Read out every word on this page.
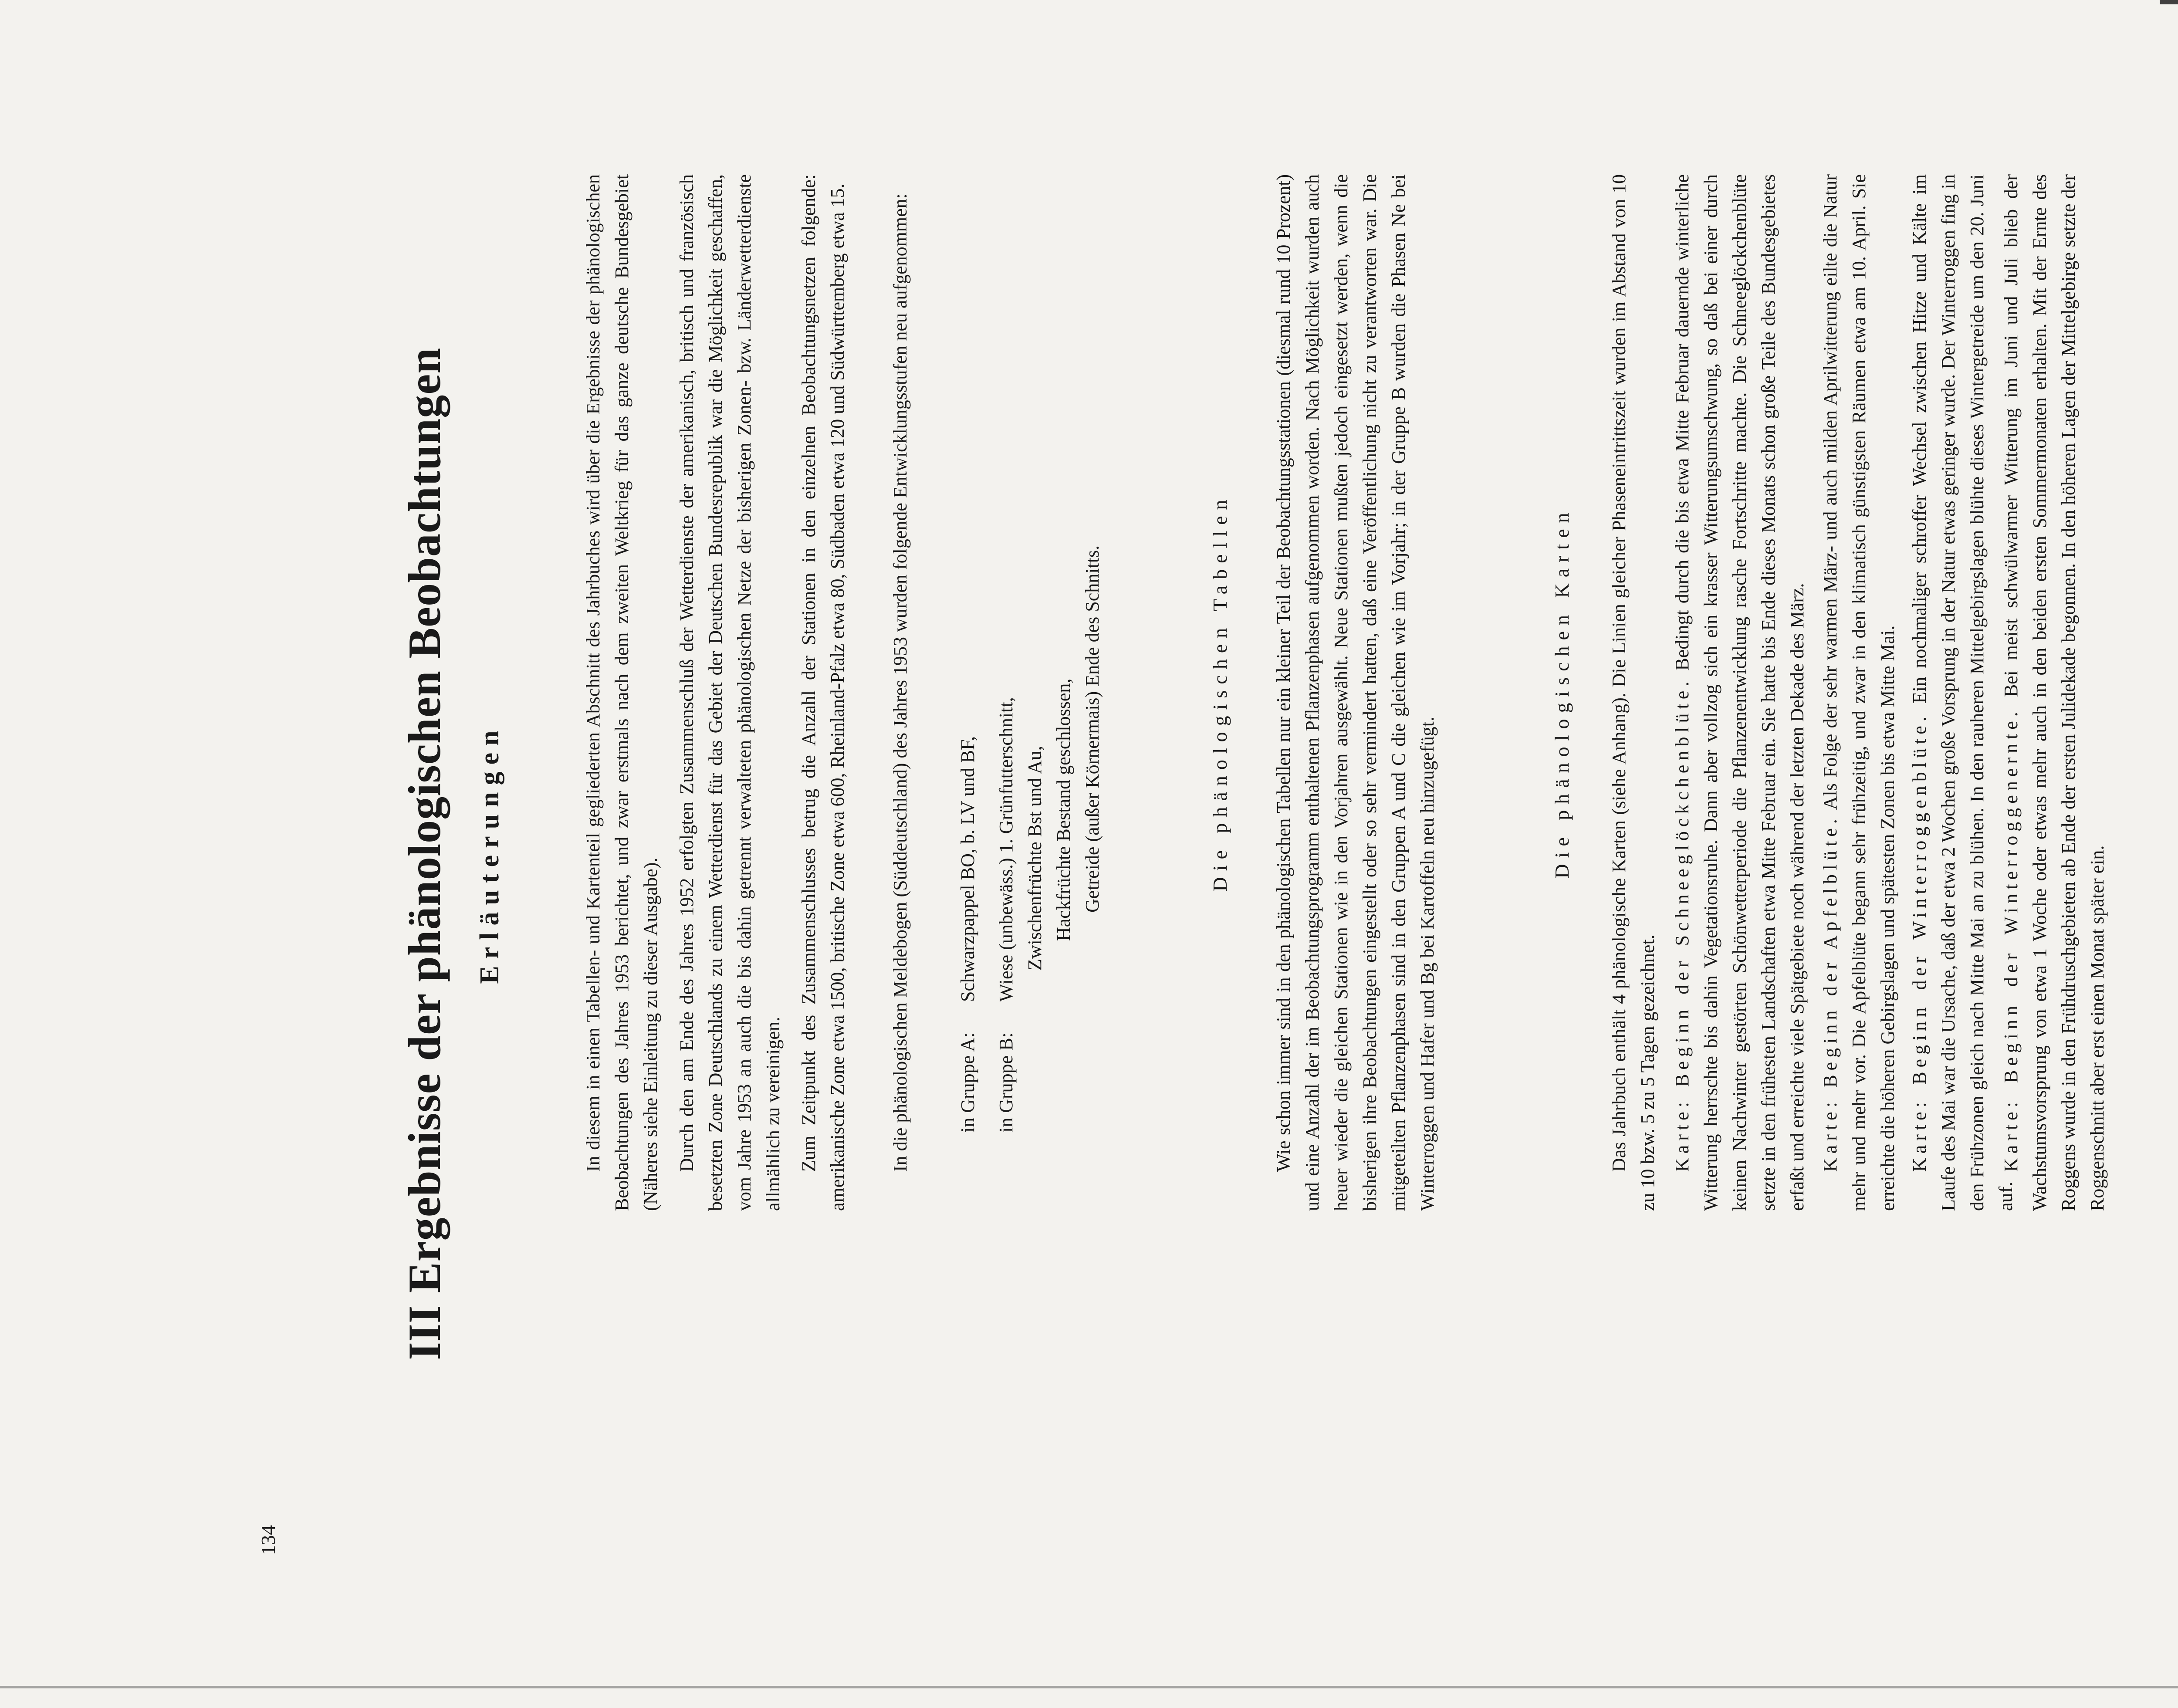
134
III Ergebnisse der phänologischen Beobachtungen Erläuterungen	In diesem in einen Tabellen- und Kartenteil gegliederten Abschnitt des Jahrbuches wird über die Ergebnisse der phänologischen Beobachtungen des Jahres 1953 berichtet, und zwar erstmals nach dem zweiten Weltkrieg für das ganze deutsche Bundesgebiet (Näheres siehe Einleitung zu dieser Ausgabe). Durch den am Ende des Jahres 1952 erfolgten Zusammenschluß der Wetterdienste der amerikanisch, britisch und französisch besetzten Zone Deutschlands zu einem Wetterdienst für das Gebiet der Deutschen Bundesrepublik war die Möglichkeit geschaffen, vom Jahre 1953 an auch die bis dahin getrennt verwalteten phänologischen Netze der bisherigen Zonen- bzw. Länderwetterdienste allmählich zu vereinigen. Zum Zeitpunkt des Zusammenschlusses betrug die Anzahl der Stationen in den einzelnen Beobachtungsnetzen folgende: amerikanische Zone etwa 1500, britische Zone etwa 600, Rheinland-Pfalz etwa 80, Südbaden etwa 120 und Südwürttemberg etwa 15. In die phänologischen Meldebogen (Süddeutschland) des Jahres 1953 wurden folgende Entwicklungsstufen neu aufgenommen: in Gruppe A:
Schwarzpappel BO, b. LV und BF,
in Gruppe B:
Wiese (unbewäss.) 1. Grünfutterschnitt, Zwischenfrüchte Bst und Au, Hackfrüchte Bestand geschlossen, Getreide (außer Körnermais) Ende des Schnitts.	Die phänologischen Tabellen Wie schon immer sind in den phänologischen Tabellen nur ein kleiner Teil der Beobachtungsstationen (diesmal rund 10 Prozent) und eine Anzahl der im Beobachtungsprogramm enthaltenen Pflanzenphasen aufgenommen worden. Nach Möglichkeit wurden auch heuer wieder die gleichen Stationen wie in den Vorjahren ausgewählt. Neue Stationen mußten jedoch eingesetzt werden, wenn die bisherigen ihre Beobachtungen eingestellt oder so sehr vermindert hatten, daß eine Veröffentlichung nicht zu verantworten war. Die mitgeteilten Pflanzenphasen sind in den Gruppen A und C die gleichen wie im Vorjahr; in der Gruppe B wurden die Phasen Ne bei Winterroggen und Hafer und Bg bei Kartoffeln neu hinzugefügt.

Die phänologischen Karten Das Jahrbuch enthält 4 phänologische Karten (siehe Anhang). Die Linien gleicher Phaseneintrittszeit wurden im Abstand von 10 zu 10 bzw. 5 zu 5 Tagen gezeichnet. Karte: Beginn der Schneeglöckchenblüte. Bedingt durch die bis etwa Mitte Februar dauernde winterliche Witterung herrschte bis dahin Vegetationsruhe. Dann aber vollzog sich ein krasser Witterungsumschwung, so daß bei einer durch keinen Nachwinter gestörten Schönwetterperiode die Pflanzenentwicklung rasche Fortschritte machte. Die Schneeglöckchenblüte setzte in den frühesten Landschaften etwa Mitte Februar ein. Sie hatte bis Ende dieses Monats schon große Teile des Bundesgebietes erfaßt und erreichte viele Spätgebiete noch während der letzten Dekade des März. Karte: Beginn der Apfelblüte. Als Folge der sehr warmen März- und auch milden Aprilwitterung eilte die Natur mehr und mehr vor. Die Apfelblüte begann sehr frühzeitig, und zwar in den klimatisch günstigsten Räumen etwa am 10. April. Sie erreichte die höheren Gebirgslagen und spätesten Zonen bis etwa Mitte Mai. Karte: Beginn der Winterroggenblüte. Ein nochmaliger schroffer Wechsel zwischen Hitze und Kälte im Laufe des Mai war die Ursache, daß der etwa 2 Wochen große Vorsprung in der Natur etwas geringer wurde. Der Winterroggen fing in den Frühzonen gleich nach Mitte Mai an zu blühen. In den rauheren Mittelgebirgslagen blühte dieses Wintergetreide um den 20. Juni auf.

Karte: Beginn der Winterroggenernte. Bei meist schwülwarmer Witterung im Juni und Juli blieb der Wachstumsvorsprung von etwa 1 Woche oder etwas mehr auch in den beiden ersten Sommermonaten erhalten. Mit der Ernte des Roggens wurde in den Frühdruschgebieten ab Ende der ersten Julidekade begonnen. In den höheren Lagen der Mittelgebirge setzte der Roggenschnitt aber erst einen Monat später ein.
